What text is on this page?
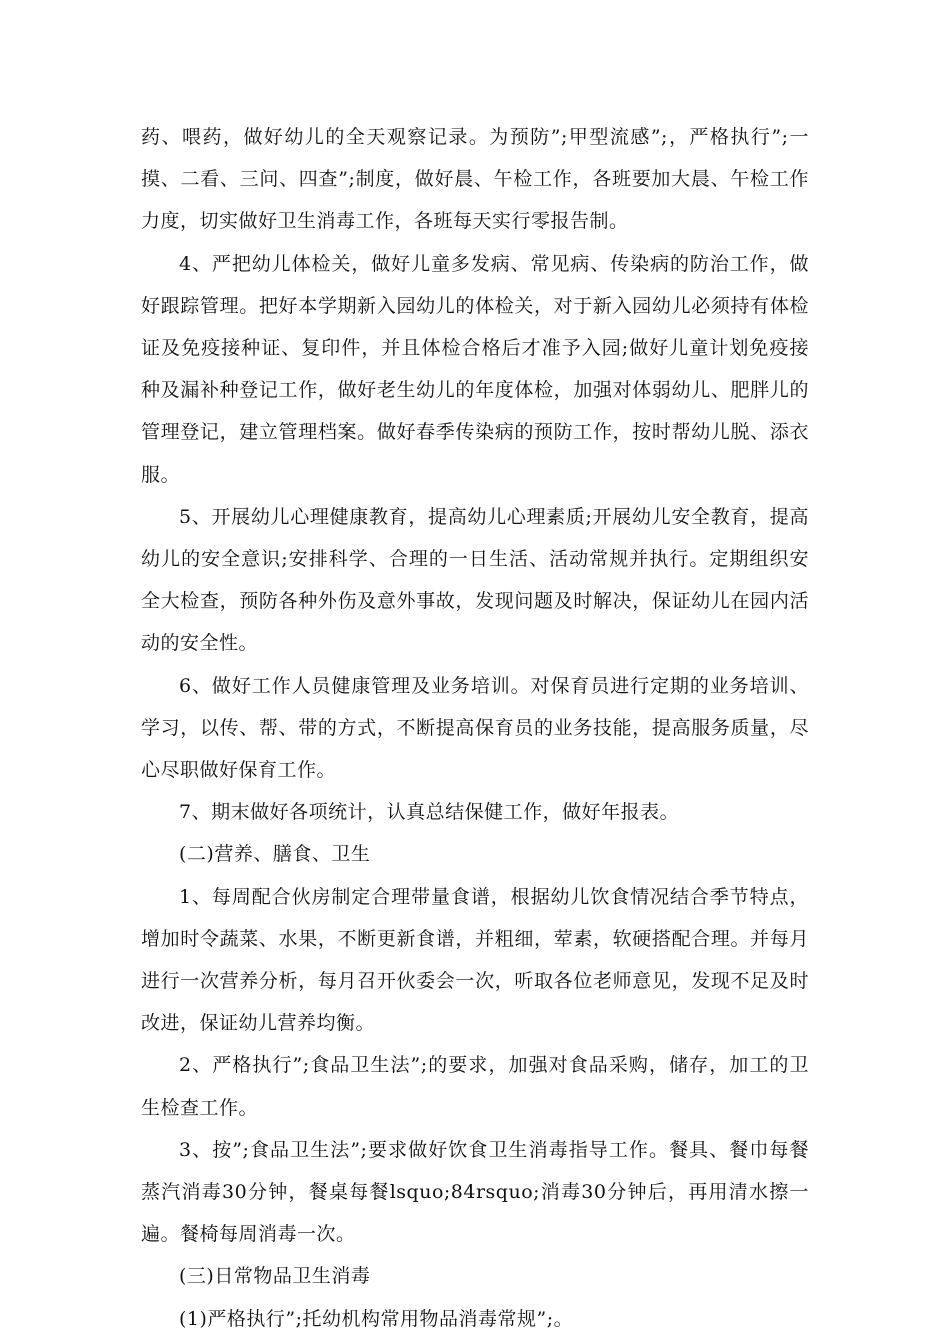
药、喂药，做好幼儿的全天观察记录。为预防”;甲型流感”;，严格执行”;一摸、二看、三问、四查”;制度，做好晨、午检工作，各班要加大晨、午检工作力度，切实做好卫生消毒工作，各班每天实行零报告制。

4、严把幼儿体检关，做好儿童多发病、常见病、传染病的防治工作，做好跟踪管理。把好本学期新入园幼儿的体检关，对于新入园幼儿必须持有体检证及免疫接种证、复印件，并且体检合格后才准予入园;做好儿童计划免疫接种及漏补种登记工作，做好老生幼儿的年度体检，加强对体弱幼儿、肥胖儿的管理登记，建立管理档案。做好春季传染病的预防工作，按时帮幼儿脱、添衣服。

5、开展幼儿心理健康教育，提高幼儿心理素质;开展幼儿安全教育，提高幼儿的安全意识;安排科学、合理的一日生活、活动常规并执行。定期组织安全大检查，预防各种外伤及意外事故，发现问题及时解决，保证幼儿在园内活动的安全性。

6、做好工作人员健康管理及业务培训。对保育员进行定期的业务培训、学习，以传、帮、带的方式，不断提高保育员的业务技能，提高服务质量，尽心尽职做好保育工作。

7、期末做好各项统计，认真总结保健工作，做好年报表。

(二)营养、膳食、卫生

1、每周配合伙房制定合理带量食谱，根据幼儿饮食情况结合季节特点，增加时令蔬菜、水果，不断更新食谱，并粗细，荤素，软硬搭配合理。并每月进行一次营养分析，每月召开伙委会一次，听取各位老师意见，发现不足及时改进，保证幼儿营养均衡。

2、严格执行”;食品卫生法”;的要求，加强对食品采购，储存，加工的卫生检查工作。

3、按”;食品卫生法”;要求做好饮食卫生消毒指导工作。餐具、餐巾每餐蒸汽消毒30分钟，餐桌每餐lsquo;84rsquo;消毒30分钟后，再用清水擦一遍。餐椅每周消毒一次。

(三)日常物品卫生消毒

(1)严格执行”;托幼机构常用物品消毒常规”;。
